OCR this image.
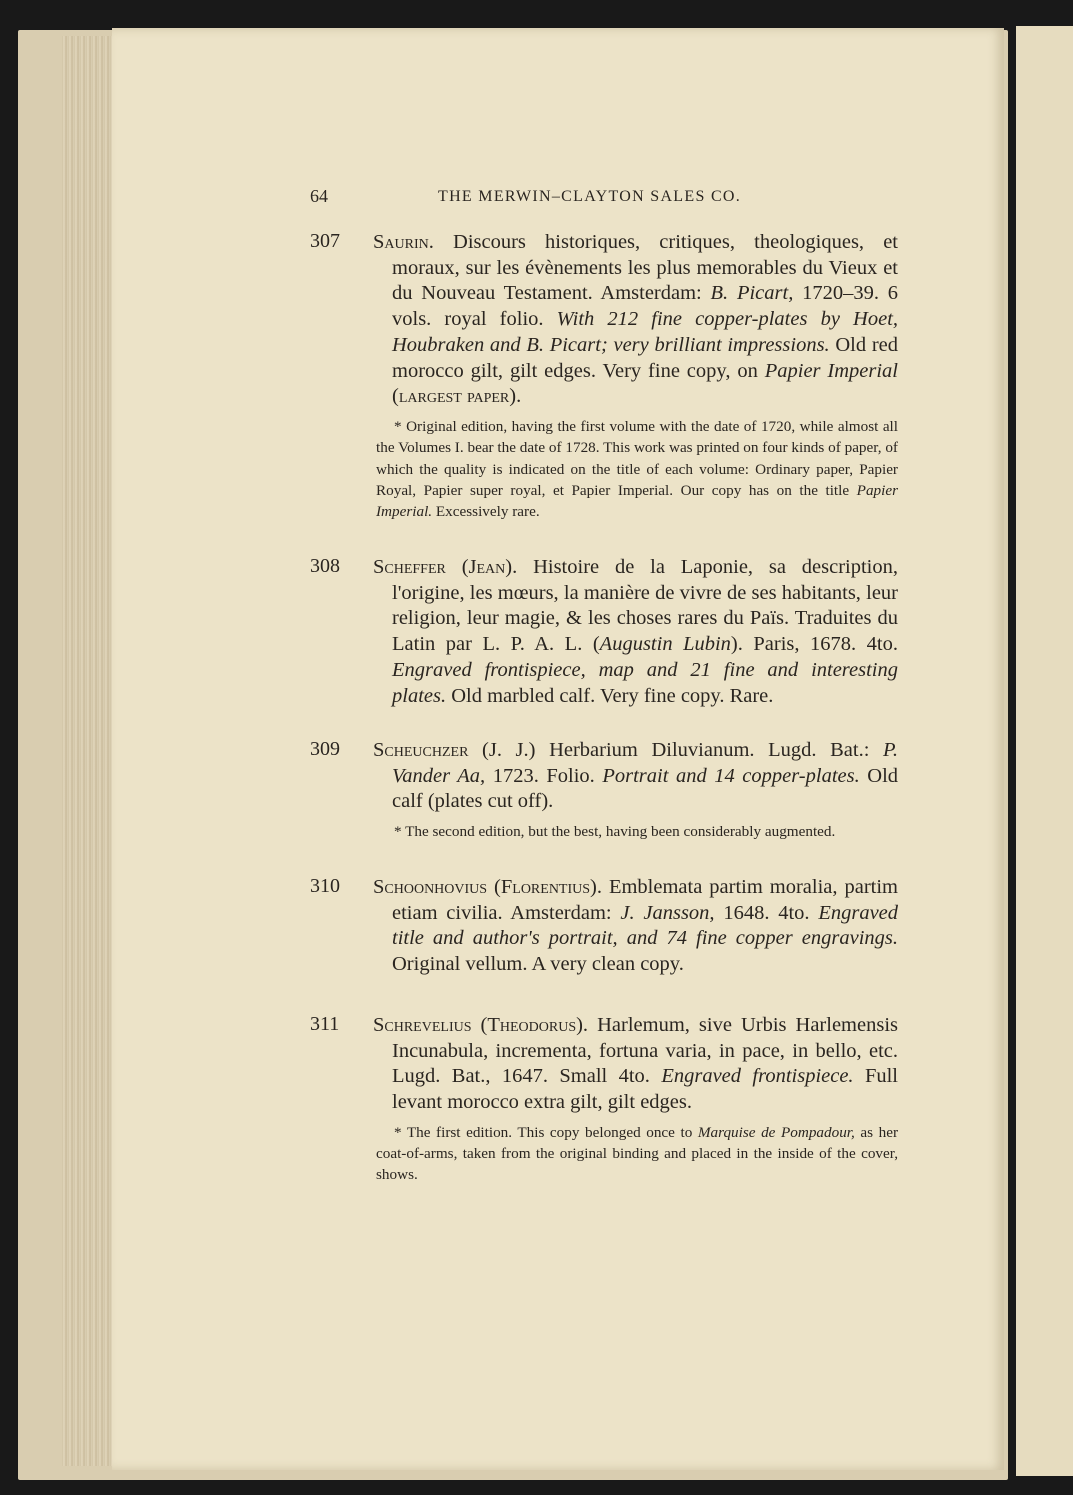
64	THE MERWIN–CLAYTON SALES CO.
307	Saurin. Discours historiques, critiques, theologiques, et moraux, sur les évènements les plus memorables du Vieux et du Nouveau Testament. Amsterdam: B. Picart, 1720–39. 6 vols. royal folio. With 212 fine copper-plates by Hoet, Houbraken and B. Picart; very brilliant impressions. Old red morocco gilt, gilt edges. Very fine copy, on Papier Imperial (largest paper).
* Original edition, having the first volume with the date of 1720, while almost all the Volumes I. bear the date of 1728. This work was printed on four kinds of paper, of which the quality is indicated on the title of each volume: Ordinary paper, Papier Royal, Papier super royal, et Papier Imperial. Our copy has on the title Papier Imperial. Excessively rare.
308	Scheffer (Jean). Histoire de la Laponie, sa description, l'origine, les mœurs, la manière de vivre de ses habitants, leur religion, leur magie, & les choses rares du Païs. Traduites du Latin par L. P. A. L. (Augustin Lubin). Paris, 1678. 4to. Engraved frontispiece, map and 21 fine and interesting plates. Old marbled calf. Very fine copy. Rare.
309	Scheuchzer (J. J.) Herbarium Diluvianum. Lugd. Bat.: P. Vander Aa, 1723. Folio. Portrait and 14 copper-plates. Old calf (plates cut off).
* The second edition, but the best, having been considerably augmented.
310	Schoonhovius (Florentius). Emblemata partim moralia, partim etiam civilia. Amsterdam: J. Jansson, 1648. 4to. Engraved title and author's portrait, and 74 fine copper engravings. Original vellum. A very clean copy.
311	Schrevelius (Theodorus). Harlemum, sive Urbis Harlemensis Incunabula, incrementa, fortuna varia, in pace, in bello, etc. Lugd. Bat., 1647. Small 4to. Engraved frontispiece. Full levant morocco extra gilt, gilt edges.
* The first edition. This copy belonged once to Marquise de Pompadour, as her coat-of-arms, taken from the original binding and placed in the inside of the cover, shows.
